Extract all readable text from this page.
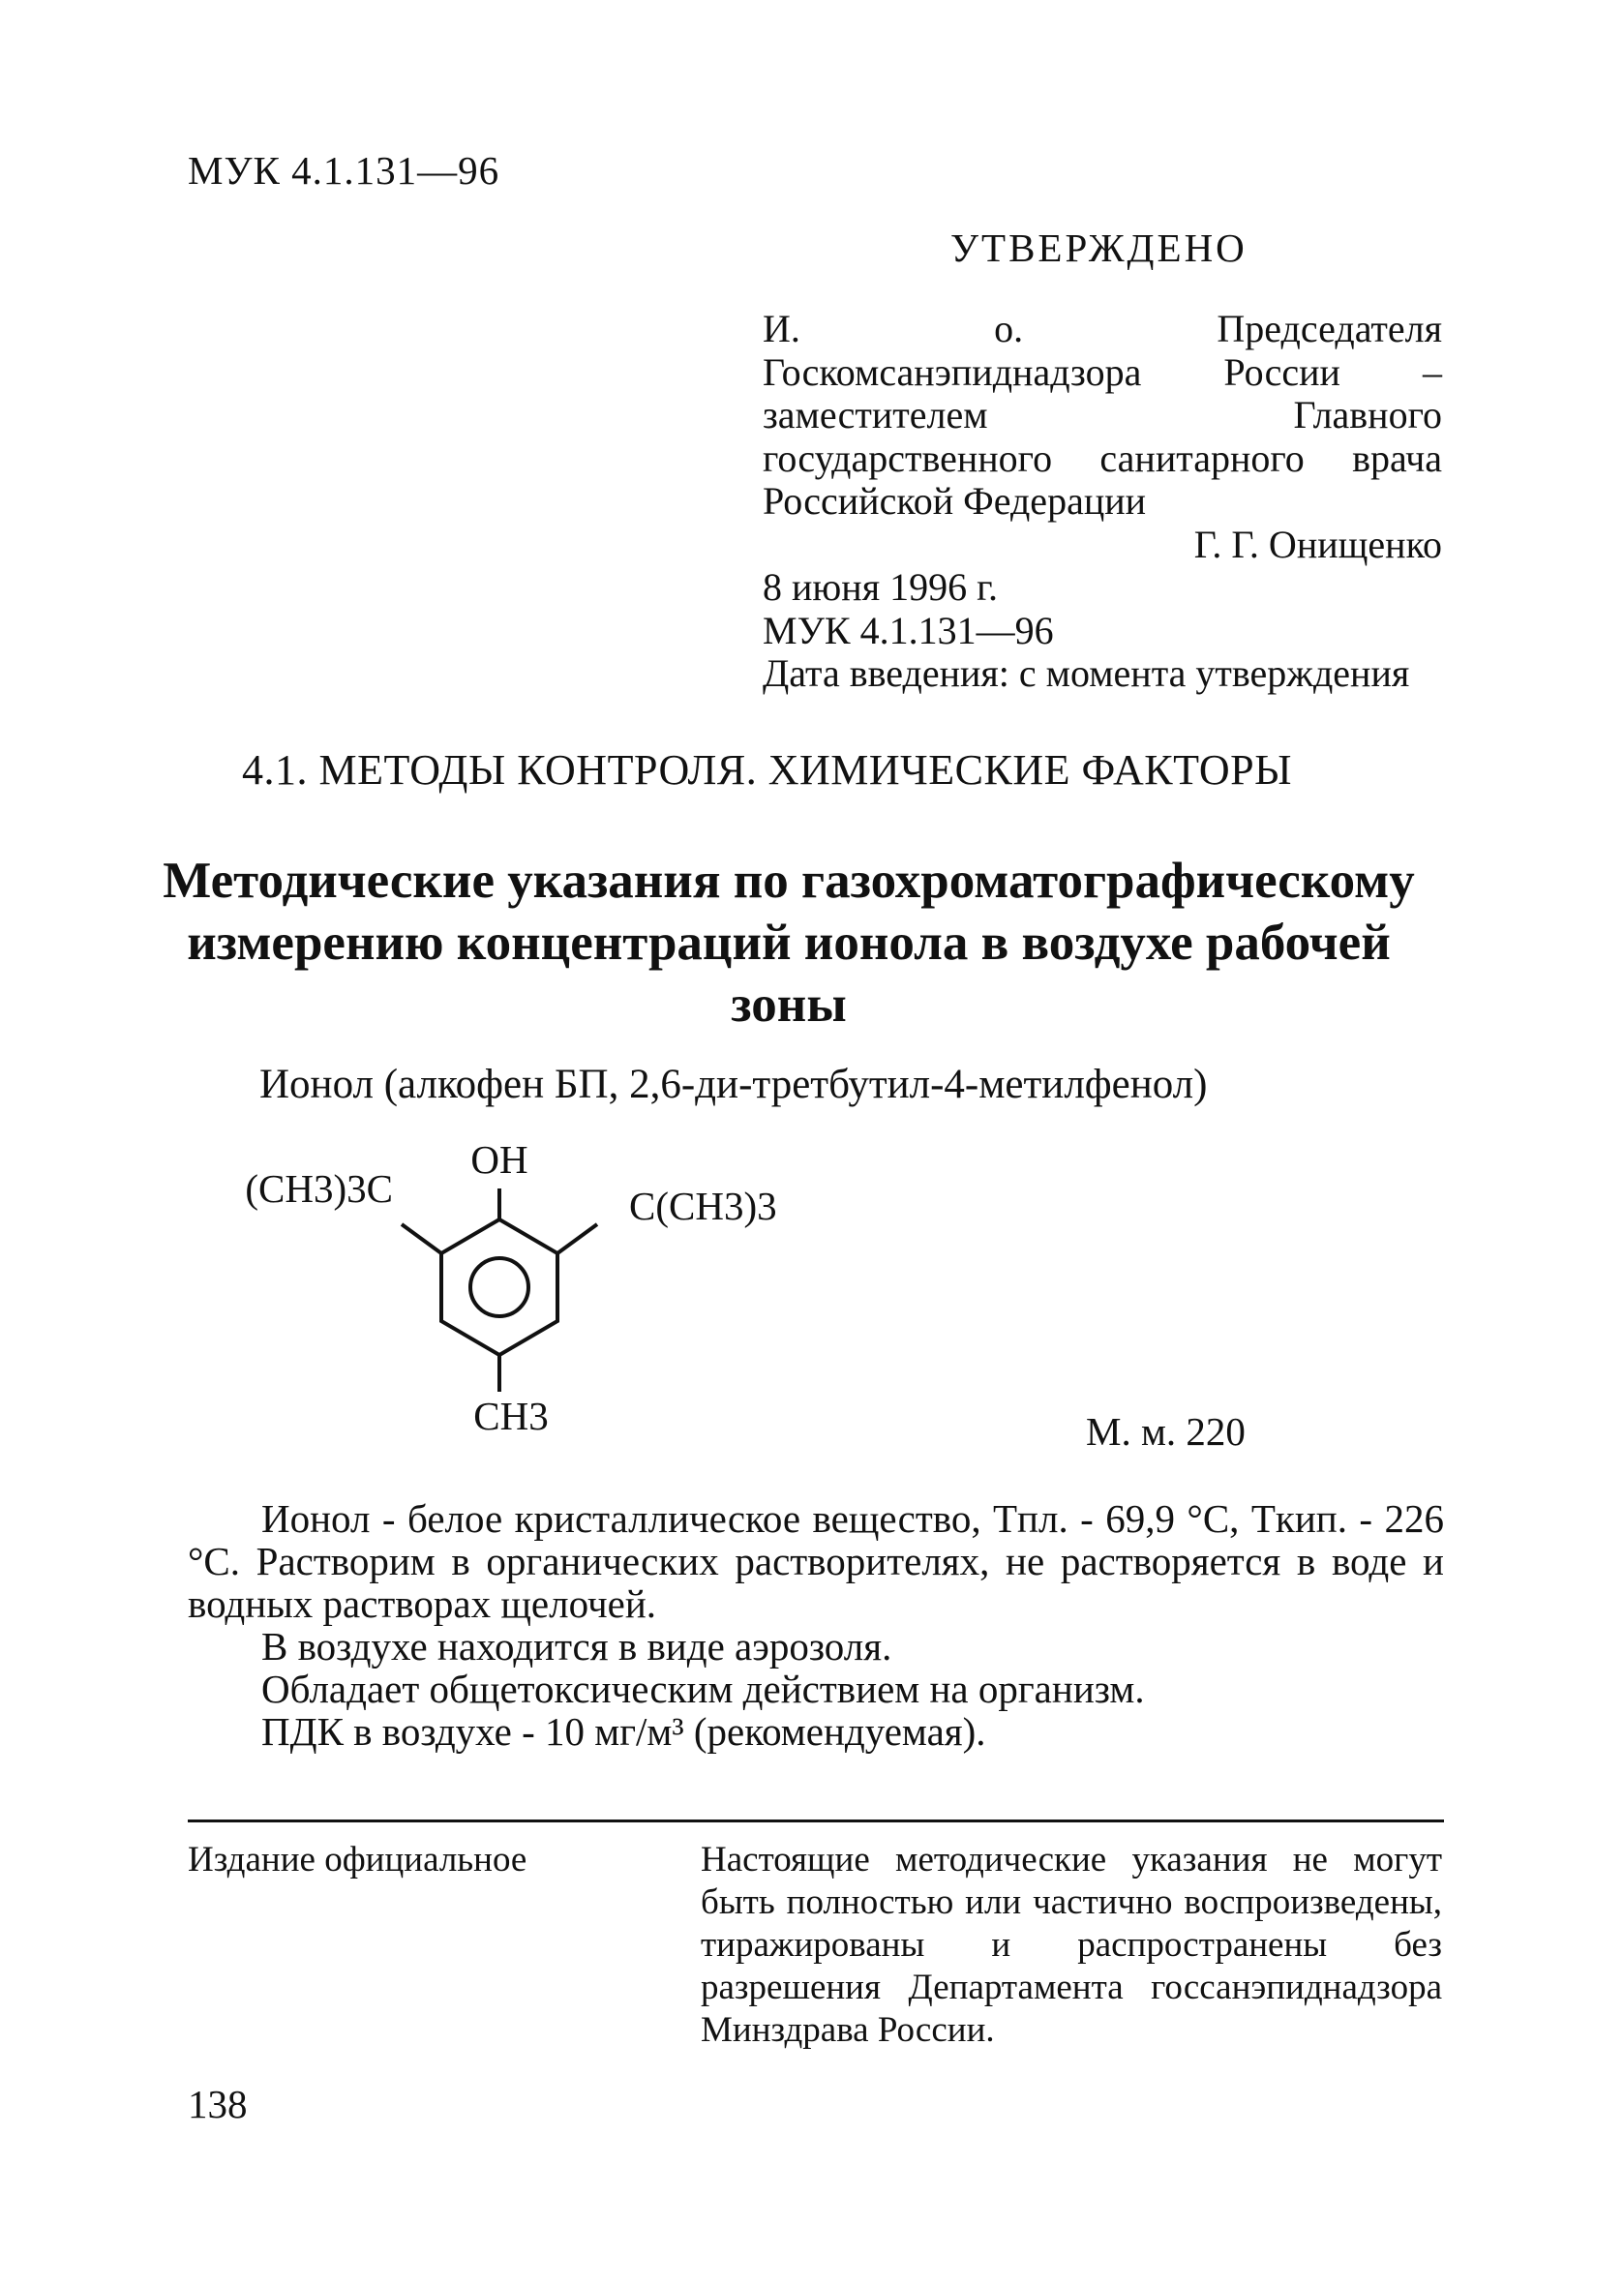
МУК 4.1.131—96
УТВЕРЖДЕНО
И. о. Председателя Госкомсанэпиднадзора России – заместителем Главного государственного санитарного врача Российской Федерации
Г. Г. Онищенко
8 июня 1996 г.
МУК 4.1.131—96
Дата введения: с момента утверждения
4.1. МЕТОДЫ КОНТРОЛЯ. ХИМИЧЕСКИЕ ФАКТОРЫ
Методические указания по газохроматографическому измерению концентраций ионола в воздухе рабочей зоны
Ионол (алкофен БП, 2,6-ди-третбутил-4-метилфенол)
OH
(CH3)3C	C(CH3)3
CH3	М. м. 220

Ионол - белое кристаллическое вещество, Tпл. - 69,9 °С, Tкип. - 226 °С. Растворим в органических растворителях, не растворяется в воде и водных растворах щелочей.

В воздухе находится в виде аэрозоля.

Обладает общетоксическим действием на организм.

ПДК в воздухе - 10 мг/м³ (рекомендуемая).

Издание официальное	Настоящие методические указания не могут быть полностью или частично воспроизведены, тиражированы и распространены без разрешения Департамента госсанэпиднадзора Минздрава России.
138
